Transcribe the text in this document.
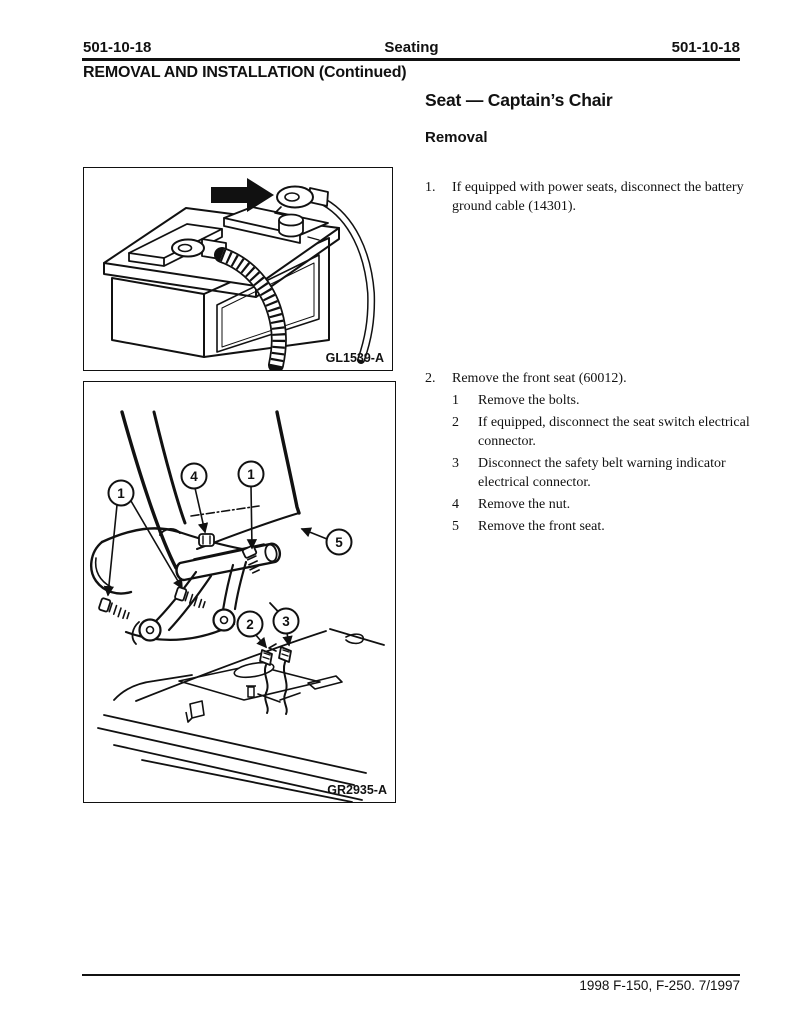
501-10-18	Seating	501-10-18
REMOVAL AND INSTALLATION (Continued)
Seat — Captain’s Chair
Removal
1.	If equipped with power seats, disconnect the battery ground cable (14301).
2.	Remove the front seat (60012).
1	Remove the bolts.
2	If equipped, disconnect the seat switch electrical connector.
3	Disconnect the safety belt warning indicator electrical connector.
4	Remove the nut.
5	Remove the front seat.
GL1539-A
1
4	1
5
2 3
GR2935-A
1998 F-150, F-250. 7/1997
